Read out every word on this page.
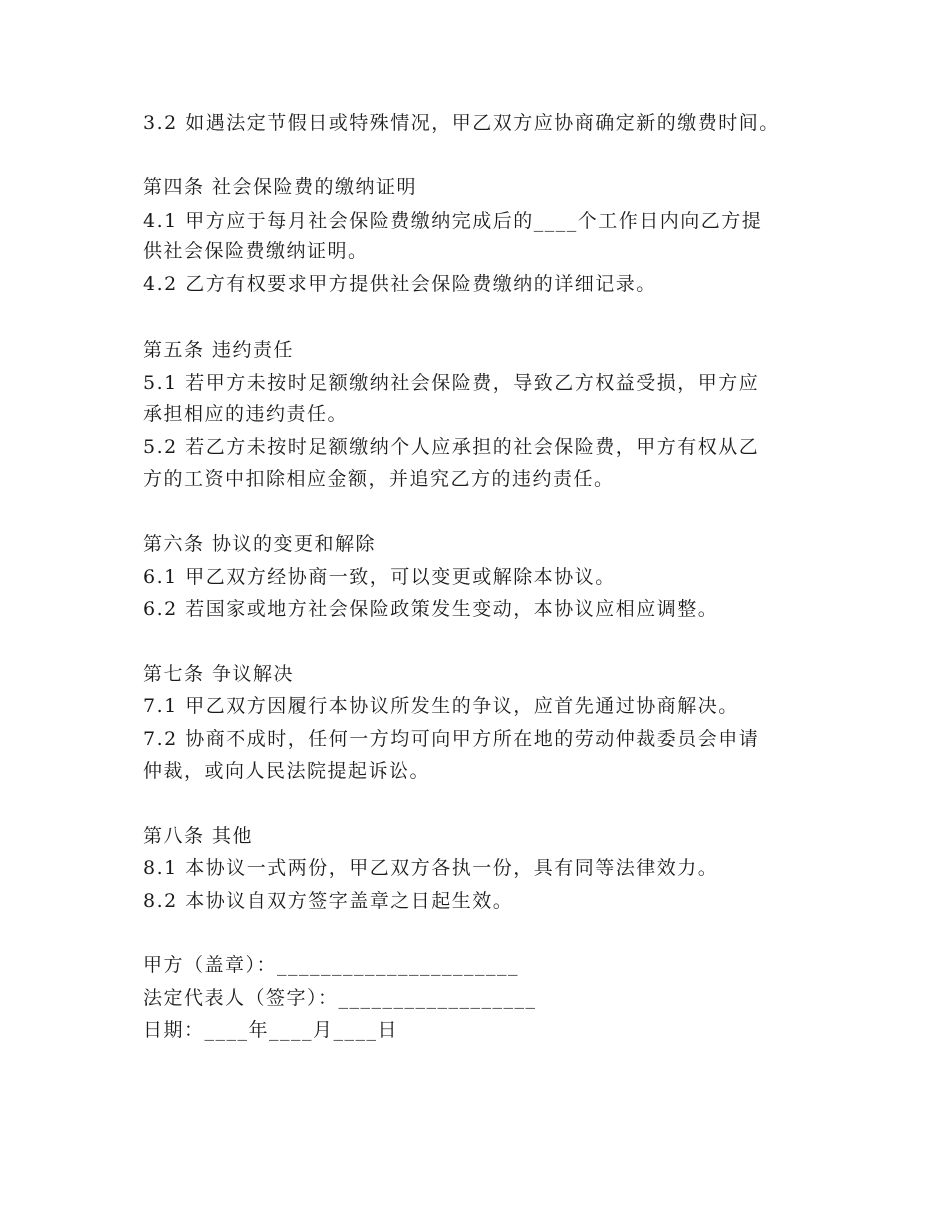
3.2 如遇法定节假日或特殊情况，甲乙双方应协商确定新的缴费时间。
第四条 社会保险费的缴纳证明
4.1 甲方应于每月社会保险费缴纳完成后的____个工作日内向乙方提
供社会保险费缴纳证明。
4.2 乙方有权要求甲方提供社会保险费缴纳的详细记录。
第五条 违约责任
5.1 若甲方未按时足额缴纳社会保险费，导致乙方权益受损，甲方应
承担相应的违约责任。
5.2 若乙方未按时足额缴纳个人应承担的社会保险费，甲方有权从乙
方的工资中扣除相应金额，并追究乙方的违约责任。
第六条 协议的变更和解除
6.1 甲乙双方经协商一致，可以变更或解除本协议。
6.2 若国家或地方社会保险政策发生变动，本协议应相应调整。
第七条 争议解决
7.1 甲乙双方因履行本协议所发生的争议，应首先通过协商解决。
7.2 协商不成时，任何一方均可向甲方所在地的劳动仲裁委员会申请
仲裁，或向人民法院提起诉讼。
第八条 其他
8.1 本协议一式两份，甲乙双方各执一份，具有同等法律效力。
8.2 本协议自双方签字盖章之日起生效。
甲方（盖章）：______________________
法定代表人（签字）：__________________
日期：____年____月____日
